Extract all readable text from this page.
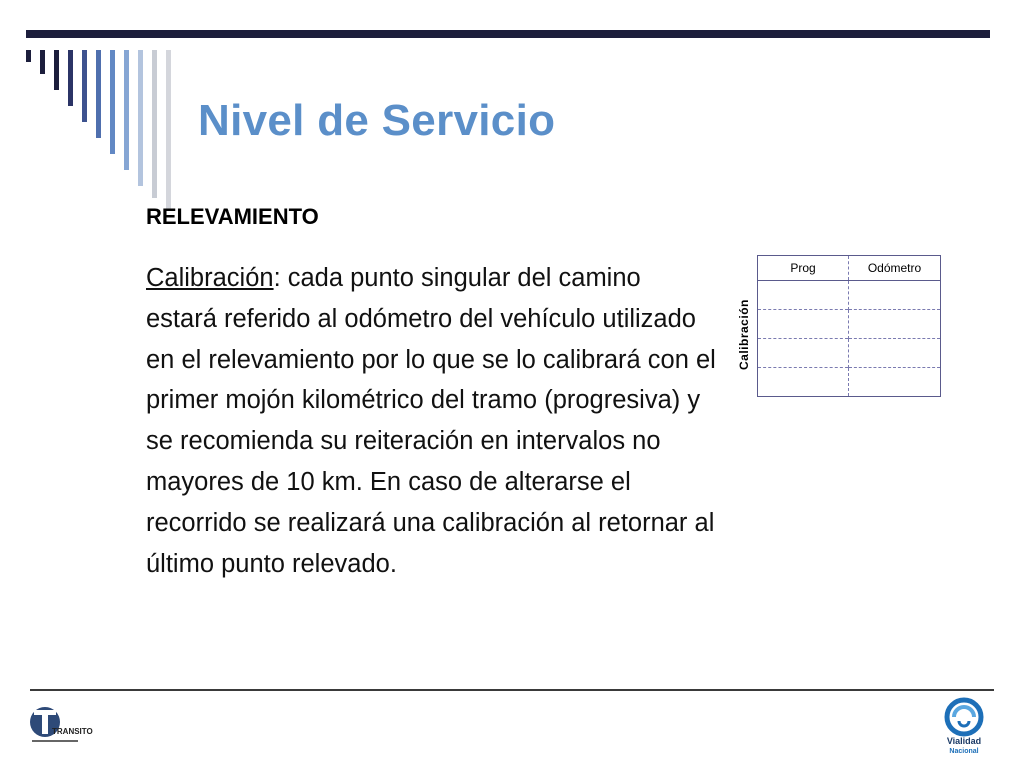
Nivel de Servicio
RELEVAMIENTO
Calibración: cada punto singular del camino estará referido al odómetro del vehículo utilizado en el relevamiento por lo que se lo calibrará con el primer mojón kilométrico del tramo (progresiva) y se recomienda su reiteración en intervalos no mayores de 10 km. En caso de alterarse el recorrido se realizará una calibración al retornar al último punto relevado.
Calibración
Prog	Odómetro

TRANSITO
Vialidad
Nacional
